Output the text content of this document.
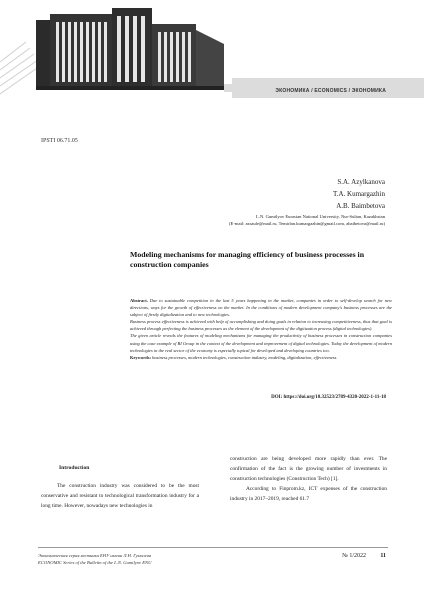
ЭКОНОМИКА / ECONOMICS / ЭКОНОМИКА
IPSTI 06.71.05
S.A. Azylkanova
T.A. Kumargazhin
A.B. Baimbetova
L.N. Gumilyov Eurasian National University, Nur-Sultan, Kazakhstan
(E-mail: azsaule@mail.ru, Temirlan.kumargazhin@gmail.com, abaibetova@mail.ru)
Modeling mechanisms for managing efficiency of business processes in construction companies
Abstract. Due to sustainable competition in the last 5 years happening in the market, companies in order to self-develop search for new directions, ways for the growth of effectiveness on the market. In the conditions of modern development company's business processes are the subject of firstly digitalization and to new technologies.
Business process effectiveness is achieved with help of accomplishing and doing goals in relation to increasing competitiveness, thus that goal is achieved through perfecting the business processes as the element of the development of the digitization process (digital technologies).
The given article reveals the features of modeling mechanisms for managing the productivity of business processes in construction companies using the case example of BI Group in the context of the development and improvement of digital technologies. Today the development of modern technologies in the real sector of the economy is especially topical for developed and developing countries too.
Keywords: business processes, modern technologies, construction industry, modeling, digitalization, effectiveness.
DOI: https://doi.org/10.32523/2789-4320-2022-1-11-18
Introduction
The construction industry was considered to be the most conservative and resistant to technological transformation industry for a long time. However, nowadays new technologies in
construction are being developed more rapidly than ever. The confirmation of the fact is the growing number of investments in construction technologies (Construction Tech) [1].
According to Finprom.kz, ICT expenses of the construction industry in 2017–2019, reached 61.7
Экономическая серия вестника ЕНУ имени Л.Н. Гумилева
ECONOMIC Series of the Bulletin of the L.N. Gumilyov ENU
№ 1/2022 11
